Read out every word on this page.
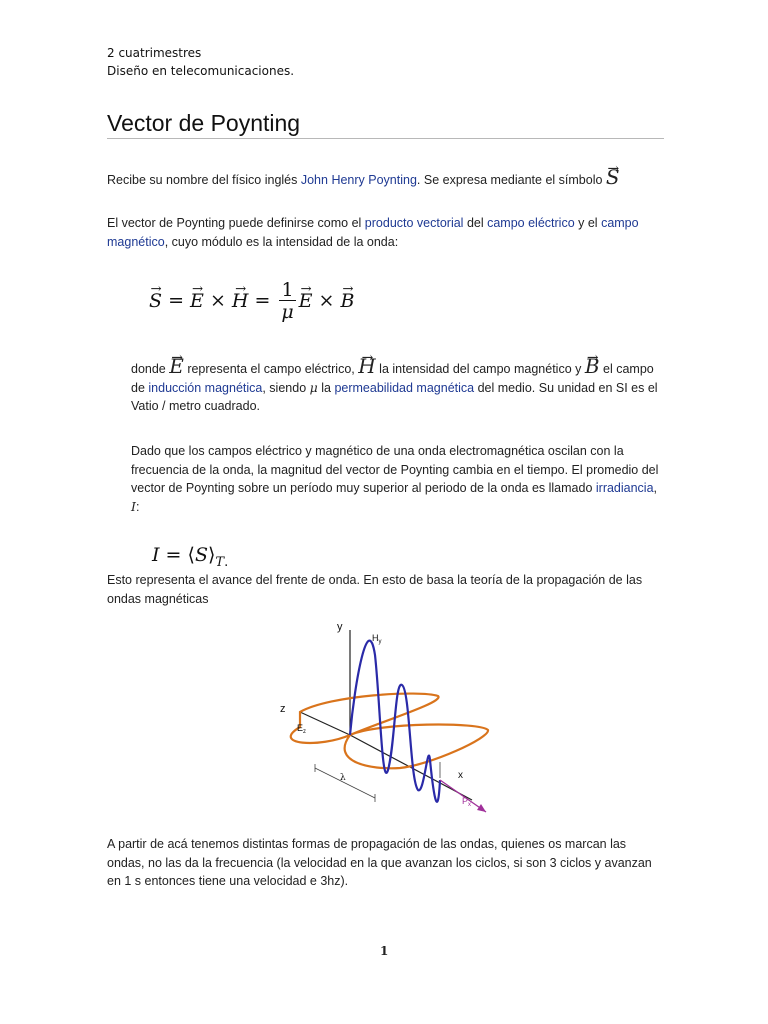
2 cuatrimestres
Diseño en telecomunicaciones.
Vector de Poynting
Recibe su nombre del físico inglés John Henry Poynting. Se expresa mediante el símbolo → S
El vector de Poynting puede definirse como el producto vectorial del campo eléctrico y el campo magnético, cuyo módulo es la intensidad de la onda:
→ S = → E × → $H = \frac{1}{\mu}$
→ E × → B
donde → E representa el campo eléctrico, → H la intensidad del campo magnético y → B el campo de inducción magnética, siendo μ la permeabilidad magnética del medio. Su unidad en SI es el Vatio / metro cuadrado.
Dado que los campos eléctrico y magnético de una onda electromagnética oscilan con la frecuencia de la onda, la magnitud del vector de Poynting cambia en el tiempo. El promedio del vector de Poynting sobre un período muy superior al periodo de la onda es llamado irradiancia, I:
$I = ⟨S⟩_{T.}$
Esto representa el avance del frente de onda. En esto de basa la teoría de la propagación de las ondas magnéticas
y
$H_y$
z
$E_z$
λ	x
$P_x$
A partir de acá tenemos distintas formas de propagación de las ondas, quienes os marcan las ondas, no las da la frecuencia (la velocidad en la que avanzan los ciclos, si son 3 ciclos y avanzan en 1 s entonces tiene una velocidad e 3hz).
1
